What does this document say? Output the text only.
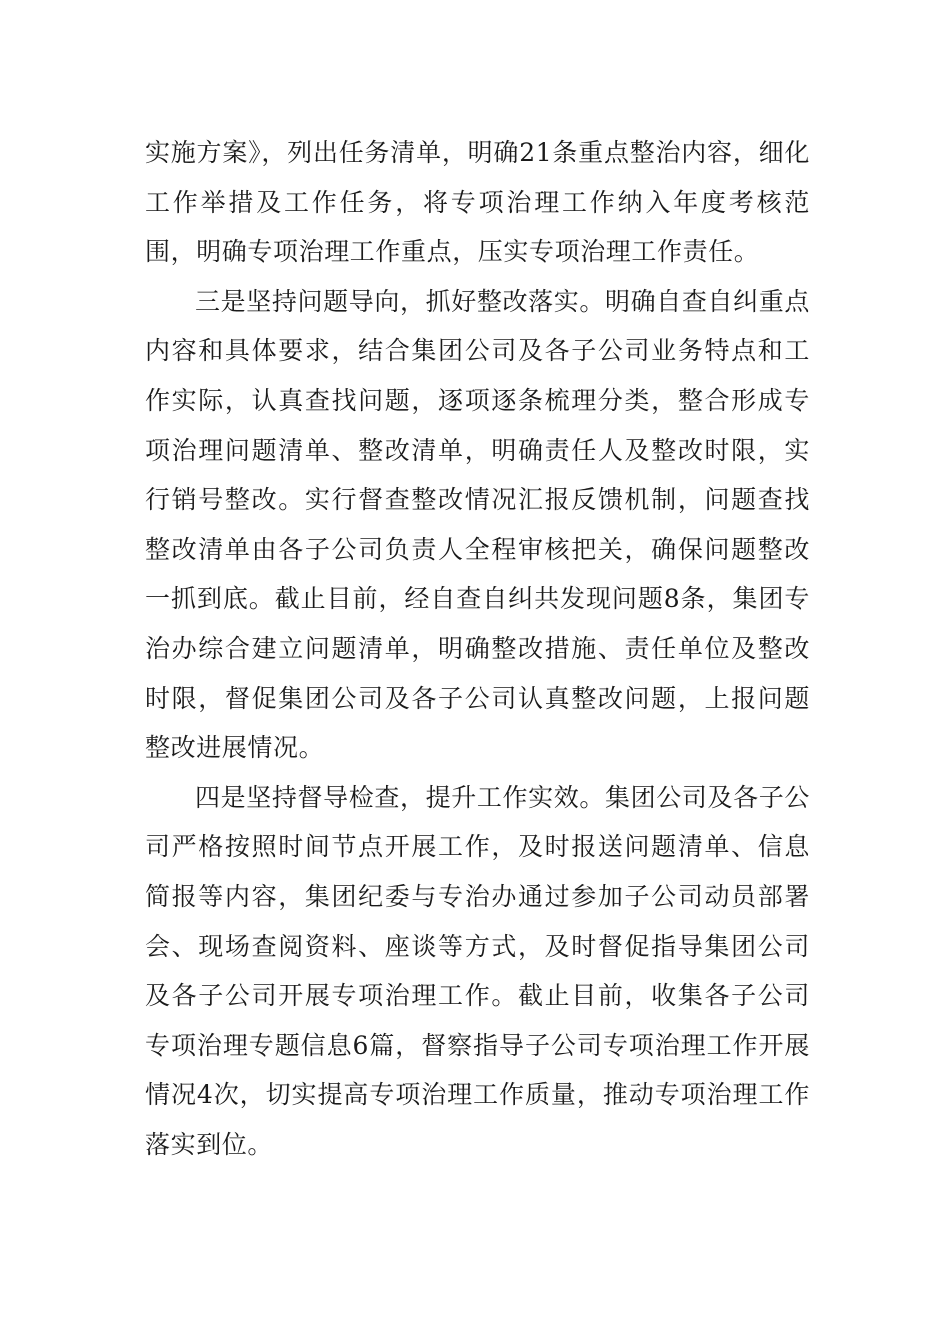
实施方案》，列出任务清单，明确21条重点整治内容，细化工作举措及工作任务，将专项治理工作纳入年度考核范围，明确专项治理工作重点，压实专项治理工作责任。

三是坚持问题导向，抓好整改落实。明确自查自纠重点内容和具体要求，结合集团公司及各子公司业务特点和工作实际，认真查找问题，逐项逐条梳理分类，整合形成专项治理问题清单、整改清单，明确责任人及整改时限，实行销号整改。实行督查整改情况汇报反馈机制，问题查找整改清单由各子公司负责人全程审核把关，确保问题整改一抓到底。截止目前，经自查自纠共发现问题8条，集团专治办综合建立问题清单，明确整改措施、责任单位及整改时限，督促集团公司及各子公司认真整改问题，上报问题整改进展情况。

四是坚持督导检查，提升工作实效。集团公司及各子公司严格按照时间节点开展工作，及时报送问题清单、信息简报等内容，集团纪委与专治办通过参加子公司动员部署会、现场查阅资料、座谈等方式，及时督促指导集团公司及各子公司开展专项治理工作。截止目前，收集各子公司专项治理专题信息6篇，督察指导子公司专项治理工作开展情况4次，切实提高专项治理工作质量，推动专项治理工作落实到位。
